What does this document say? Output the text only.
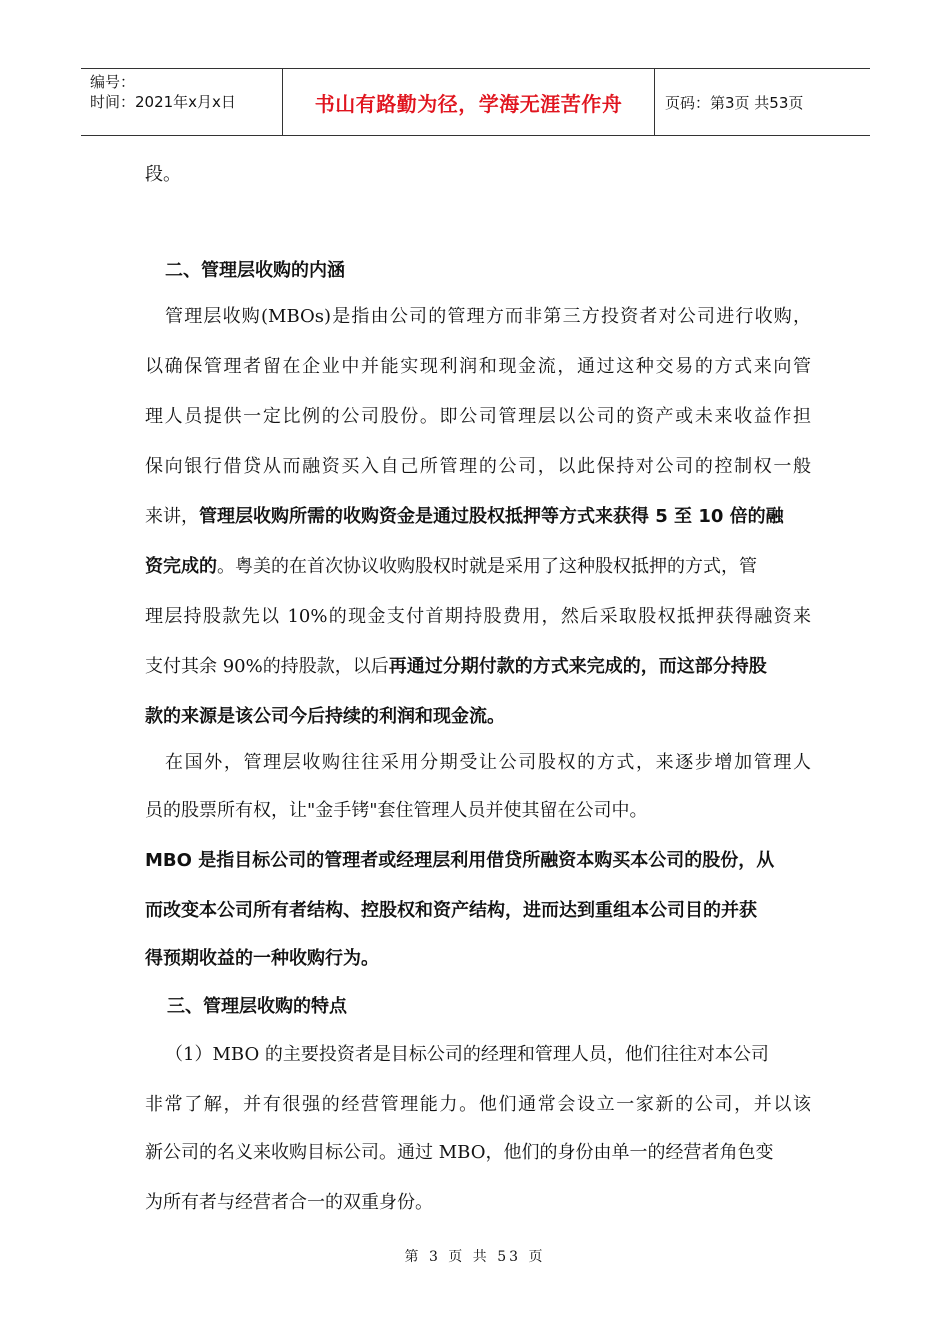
编号：
时间：2021年x月x日	书山有路勤为径，学海无涯苦作舟	页码：第3页 共53页
段。
二、管理层收购的内涵
管理层收购(MBOs)是指由公司的管理方而非第三方投资者对公司进行收购，
以确保管理者留在企业中并能实现利润和现金流，通过这种交易的方式来向管
理人员提供一定比例的公司股份。即公司管理层以公司的资产或未来收益作担
保向银行借贷从而融资买入自己所管理的公司，以此保持对公司的控制权一般
来讲，管理层收购所需的收购资金是通过股权抵押等方式来获得 5 至 10 倍的融
资完成的。粤美的在首次协议收购股权时就是采用了这种股权抵押的方式，管
理层持股款先以 10%的现金支付首期持股费用，然后采取股权抵押获得融资来
支付其余 90%的持股款，以后再通过分期付款的方式来完成的，而这部分持股
款的来源是该公司今后持续的利润和现金流。
在国外，管理层收购往往采用分期受让公司股权的方式，来逐步增加管理人
员的股票所有权，让"金手铐"套住管理人员并使其留在公司中。
MBO 是指目标公司的管理者或经理层利用借贷所融资本购买本公司的股份，从
而改变本公司所有者结构、控股权和资产结构，进而达到重组本公司目的并获
得预期收益的一种收购行为。
三、管理层收购的特点
（1）MBO 的主要投资者是目标公司的经理和管理人员，他们往往对本公司
非常了解，并有很强的经营管理能力。他们通常会设立一家新的公司，并以该
新公司的名义来收购目标公司。通过 MBO，他们的身份由单一的经营者角色变
为所有者与经营者合一的双重身份。
第 3 页 共 53 页
